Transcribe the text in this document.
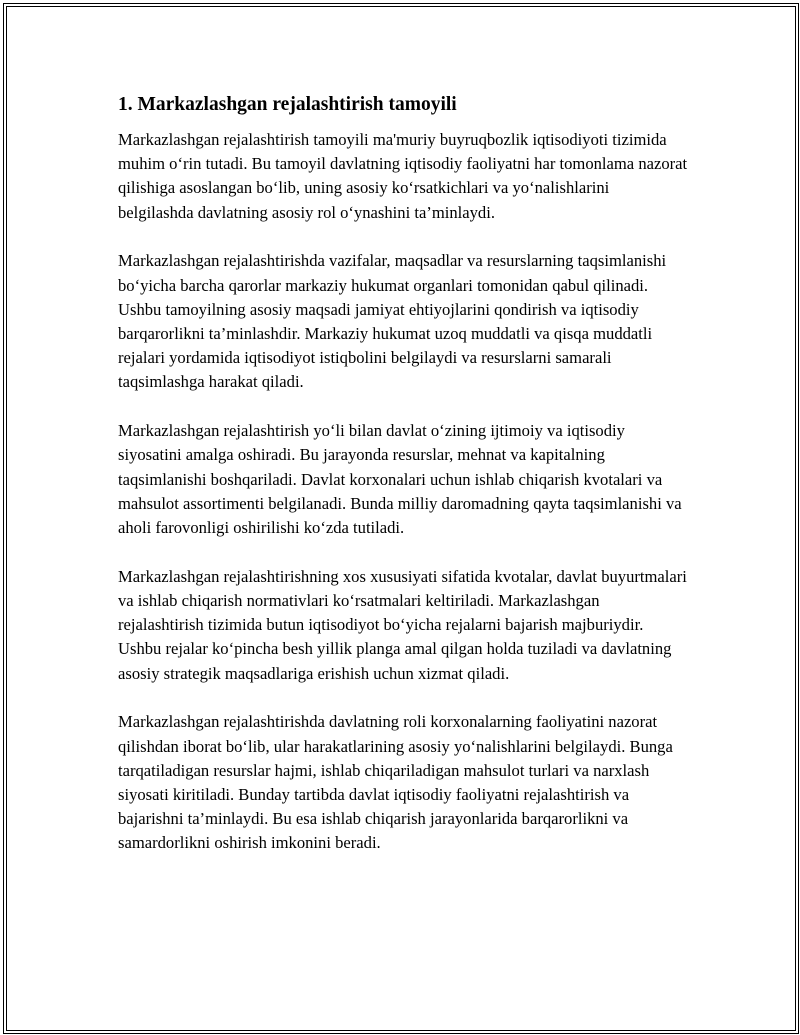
1. Markazlashgan rejalashtirish tamoyili

Markazlashgan rejalashtirish tamoyili ma'muriy buyruqbozlik iqtisodiyoti tizimida muhim o‘rin tutadi. Bu tamoyil davlatning iqtisodiy faoliyatni har tomonlama nazorat qilishiga asoslangan bo‘lib, uning asosiy ko‘rsatkichlari va yo‘nalishlarini belgilashda davlatning asosiy rol o‘ynashini ta’minlaydi.

Markazlashgan rejalashtirishda vazifalar, maqsadlar va resurslarning taqsimlanishi bo‘yicha barcha qarorlar markaziy hukumat organlari tomonidan qabul qilinadi. Ushbu tamoyilning asosiy maqsadi jamiyat ehtiyojlarini qondirish va iqtisodiy barqarorlikni ta’minlashdir. Markaziy hukumat uzoq muddatli va qisqa muddatli rejalari yordamida iqtisodiyot istiqbolini belgilaydi va resurslarni samarali taqsimlashga harakat qiladi.

Markazlashgan rejalashtirish yo‘li bilan davlat o‘zining ijtimoiy va iqtisodiy siyosatini amalga oshiradi. Bu jarayonda resurslar, mehnat va kapitalning taqsimlanishi boshqariladi. Davlat korxonalari uchun ishlab chiqarish kvotalari va mahsulot assortimenti belgilanadi. Bunda milliy daromadning qayta taqsimlanishi va aholi farovonligi oshirilishi ko‘zda tutiladi.

Markazlashgan rejalashtirishning xos xususiyati sifatida kvotalar, davlat buyurtmalari va ishlab chiqarish normativlari ko‘rsatmalari keltiriladi. Markazlashgan rejalashtirish tizimida butun iqtisodiyot bo‘yicha rejalarni bajarish majburiydir. Ushbu rejalar ko‘pincha besh yillik planga amal qilgan holda tuziladi va davlatning asosiy strategik maqsadlariga erishish uchun xizmat qiladi.

Markazlashgan rejalashtirishda davlatning roli korxonalarning faoliyatini nazorat qilishdan iborat bo‘lib, ular harakatlarining asosiy yo‘nalishlarini belgilaydi. Bunga tarqatiladigan resurslar hajmi, ishlab chiqariladigan mahsulot turlari va narxlash siyosati kiritiladi. Bunday tartibda davlat iqtisodiy faoliyatni rejalashtirish va bajarishni ta’minlaydi. Bu esa ishlab chiqarish jarayonlarida barqarorlikni va samardorlikni oshirish imkonini beradi.
